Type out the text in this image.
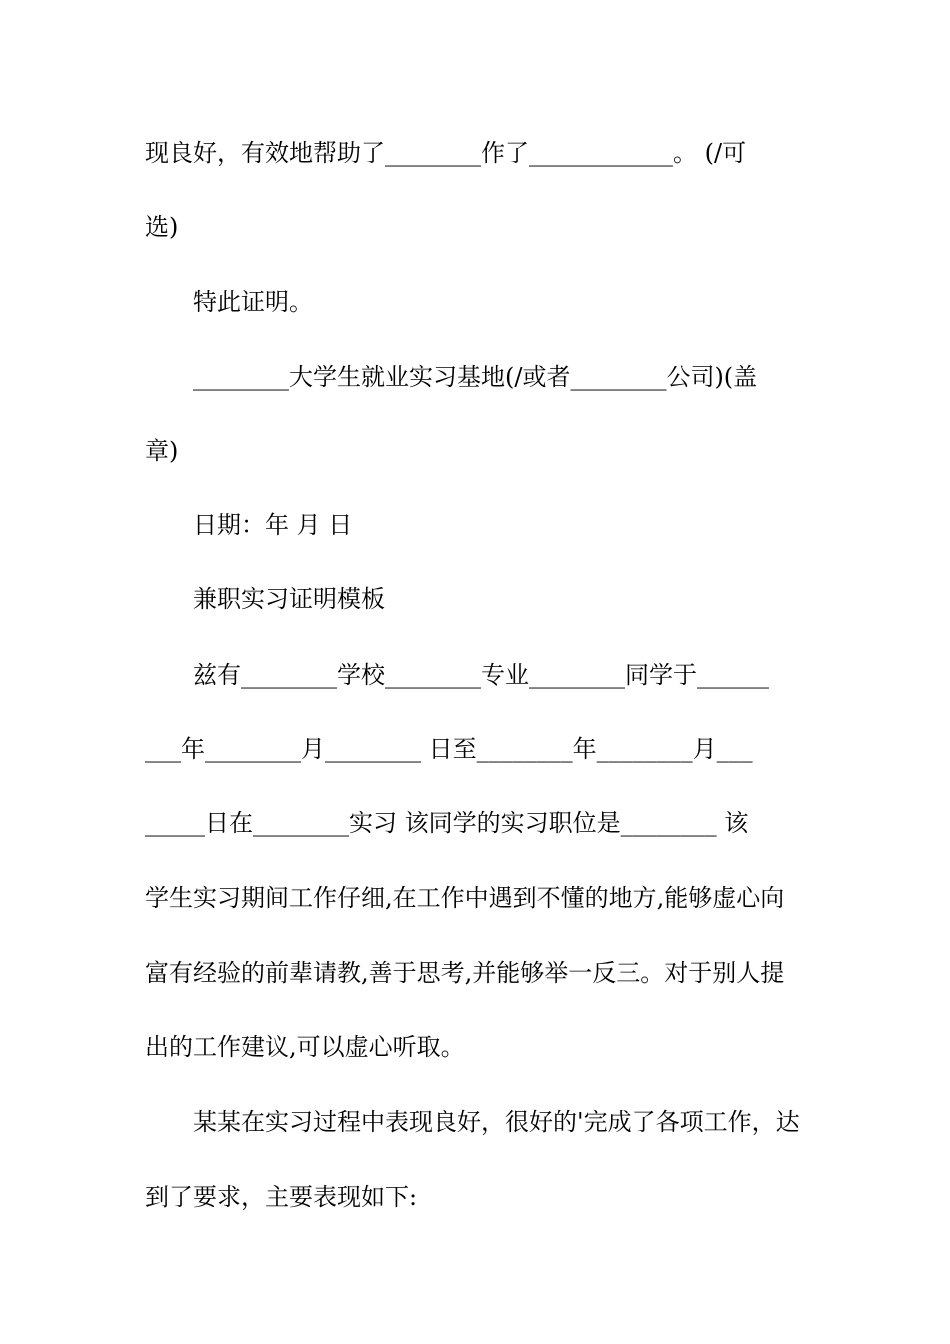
现良好，有效地帮助了________作了____________。 (/可
选)
特此证明。
________大学生就业实习基地(/或者________公司)(盖
章)
日期：年 月 日
兼职实习证明模板
兹有________学校________专业________同学于______
___年________月________ 日至________年________月___
_____日在________实习 该同学的实习职位是________ 该
学生实习期间工作仔细,在工作中遇到不懂的地方,能够虚心向
富有经验的前辈请教,善于思考,并能够举一反三。对于别人提
出的工作建议,可以虚心听取。
某某在实习过程中表现良好，很好的'完成了各项工作，达
到了要求，主要表现如下:
